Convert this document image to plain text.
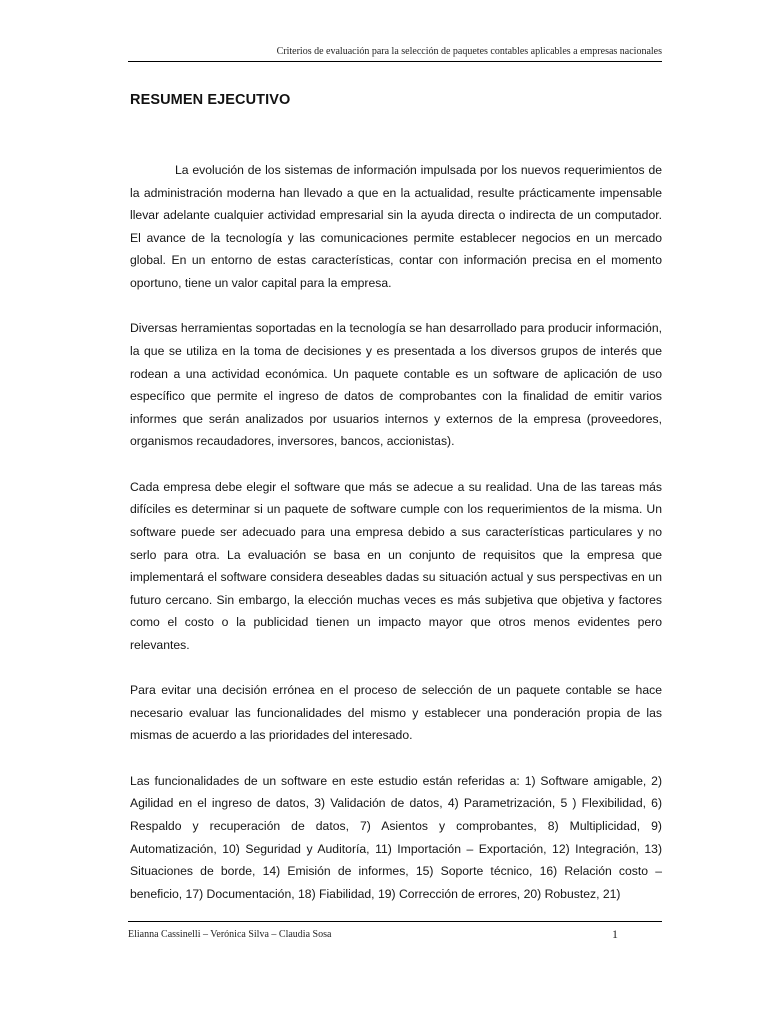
Criterios de evaluación para la selección de paquetes contables aplicables a empresas nacionales
RESUMEN EJECUTIVO

La evolución de los sistemas de información impulsada por los nuevos requerimientos de la administración moderna han llevado a que en la actualidad, resulte prácticamente impensable llevar adelante cualquier actividad empresarial sin la ayuda directa o indirecta de un computador. El avance de la tecnología y las comunicaciones permite establecer negocios en un mercado global. En un entorno de estas características, contar con información precisa en el momento oportuno, tiene un valor capital para la empresa.

Diversas herramientas soportadas en la tecnología se han desarrollado para producir información, la que se utiliza en la toma de decisiones y es presentada a los diversos grupos de interés que rodean a una actividad económica. Un paquete contable es un software de aplicación de uso específico que permite el ingreso de datos de comprobantes con la finalidad de emitir varios informes que serán analizados por usuarios internos y externos de la empresa (proveedores, organismos recaudadores, inversores, bancos, accionistas).

Cada empresa debe elegir el software que más se adecue a su realidad. Una de las tareas más difíciles es determinar si un paquete de software cumple con los requerimientos de la misma. Un software puede ser adecuado para una empresa debido a sus características particulares y no serlo para otra. La evaluación se basa en un conjunto de requisitos que la empresa que implementará el software considera deseables dadas su situación actual y sus perspectivas en un futuro cercano. Sin embargo, la elección muchas veces es más subjetiva que objetiva y factores como el costo o la publicidad tienen un impacto mayor que otros menos evidentes pero relevantes.

Para evitar una decisión errónea en el proceso de selección de un paquete contable se hace necesario evaluar las funcionalidades del mismo y establecer una ponderación propia de las mismas de acuerdo a las prioridades del interesado.

Las funcionalidades de un software en este estudio están referidas a: 1) Software amigable, 2) Agilidad en el ingreso de datos, 3) Validación de datos, 4) Parametrización, 5 ) Flexibilidad, 6) Respaldo y recuperación de datos, 7) Asientos y comprobantes, 8) Multiplicidad, 9) Automatización, 10) Seguridad y Auditoría, 11) Importación – Exportación, 12) Integración, 13) Situaciones de borde, 14) Emisión de informes, 15) Soporte técnico, 16) Relación costo – beneficio, 17) Documentación, 18) Fiabilidad, 19) Corrección de errores, 20) Robustez, 21)

Elianna Cassinelli – Verónica Silva – Claudia Sosa	1
